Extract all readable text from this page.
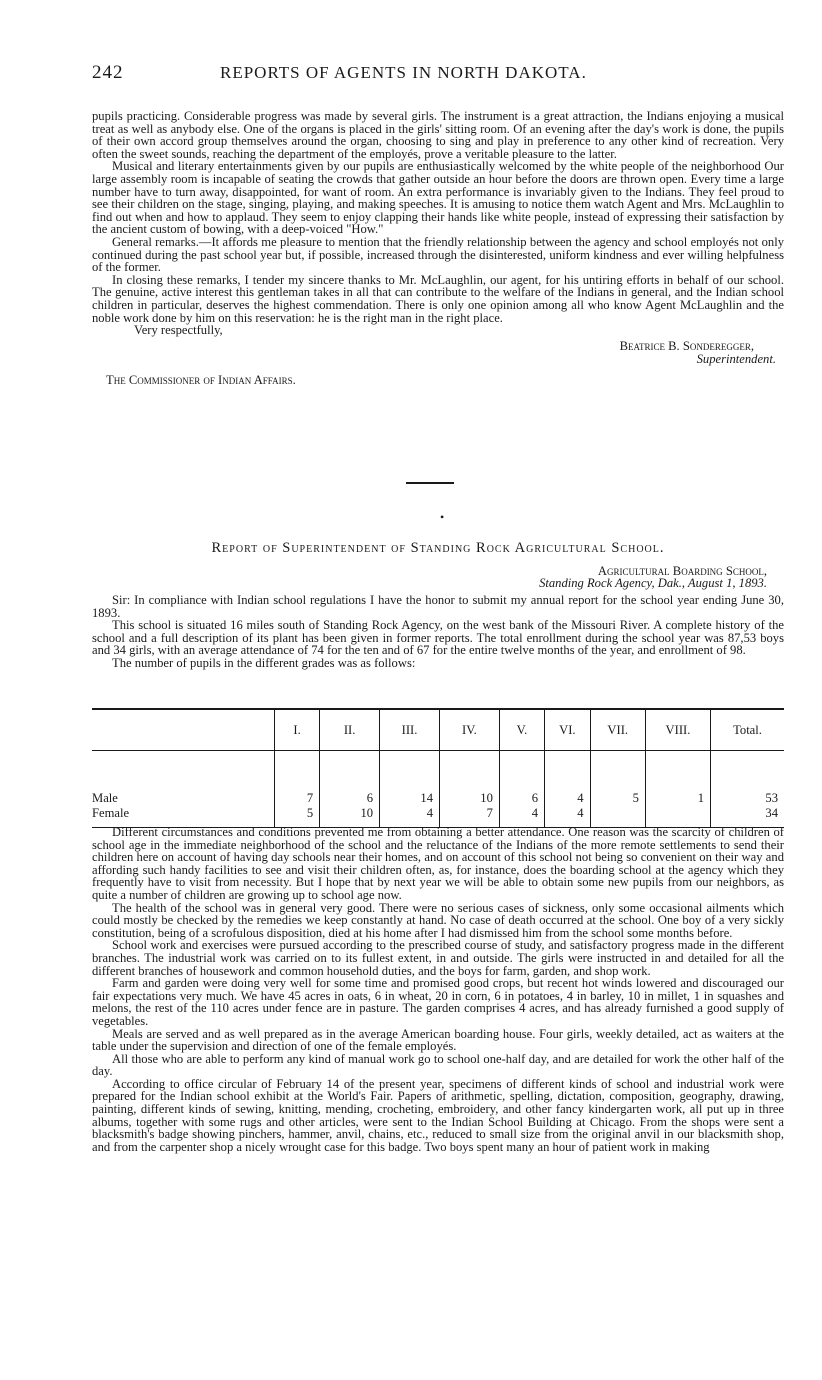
242	REPORTS OF AGENTS IN NORTH DAKOTA.

pupils practicing. Considerable progress was made by several girls. The instrument is a great attraction, the Indians enjoying a musical treat as well as anybody else. One of the organs is placed in the girls' sitting room. Of an evening after the day's work is done, the pupils of their own accord group themselves around the organ, choosing to sing and play in preference to any other kind of recreation. Very often the sweet sounds, reaching the department of the employés, prove a veritable pleasure to the latter.

Musical and literary entertainments given by our pupils are enthusiastically welcomed by the white people of the neighborhood Our large assembly room is incapable of seating the crowds that gather outside an hour before the doors are thrown open. Every time a large number have to turn away, disappointed, for want of room. An extra performance is invariably given to the Indians. They feel proud to see their children on the stage, singing, playing, and making speeches. It is amusing to notice them watch Agent and Mrs. McLaughlin to find out when and how to applaud. They seem to enjoy clapping their hands like white people, instead of expressing their satisfaction by the ancient custom of bowing, with a deep-voiced "How."

General remarks.—It affords me pleasure to mention that the friendly relationship between the agency and school employés not only continued during the past school year but, if possible, increased through the disinterested, uniform kindness and ever willing helpfulness of the former.

In closing these remarks, I tender my sincere thanks to Mr. McLaughlin, our agent, for his untiring efforts in behalf of our school. The genuine, active interest this gentleman takes in all that can contribute to the welfare of the Indians in general, and the Indian school children in particular, deserves the highest commendation. There is only one opinion among all who know Agent McLaughlin and the noble work done by him on this reservation: he is the right man in the right place.

Very respectfully,
Beatrice B. Sonderegger,
Superintendent.
The Commissioner of Indian Affairs.
•
Report of Superintendent of Standing Rock Agricultural School.
Agricultural Boarding School,
Standing Rock Agency, Dak., August 1, 1893.

Sir: In compliance with Indian school regulations I have the honor to submit my annual report for the school year ending June 30, 1893.

This school is situated 16 miles south of Standing Rock Agency, on the west bank of the Missouri River. A complete history of the school and a full description of its plant has been given in former reports. The total enrollment during the school year was 87,53 boys and 34 girls, with an average attendance of 74 for the ten and of 67 for the entire twelve months of the year, and enrollment of 98.

The number of pupils in the different grades was as follows:

	I.	II.	III.	IV.	V.	VI.	VII.	VIII.	Total.

Male	7	6	14	10	6	4	5	1	53
Female	5	10	4	7	4	4			34

Different circumstances and conditions prevented me from obtaining a better attendance. One reason was the scarcity of children of school age in the immediate neighborhood of the school and the reluctance of the Indians of the more remote settlements to send their children here on account of having day schools near their homes, and on account of this school not being so convenient on their way and affording such handy facilities to see and visit their children often, as, for instance, does the boarding school at the agency which they frequently have to visit from necessity. But I hope that by next year we will be able to obtain some new pupils from our neighbors, as quite a number of children are growing up to school age now.

The health of the school was in general very good. There were no serious cases of sickness, only some occasional ailments which could mostly be checked by the remedies we keep constantly at hand. No case of death occurred at the school. One boy of a very sickly constitution, being of a scrofulous disposition, died at his home after I had dismissed him from the school some months before.

School work and exercises were pursued according to the prescribed course of study, and satisfactory progress made in the different branches. The industrial work was carried on to its fullest extent, in and outside. The girls were instructed in and detailed for all the different branches of housework and common household duties, and the boys for farm, garden, and shop work.

Farm and garden were doing very well for some time and promised good crops, but recent hot winds lowered and discouraged our fair expectations very much. We have 45 acres in oats, 6 in wheat, 20 in corn, 6 in potatoes, 4 in barley, 10 in millet, 1 in squashes and melons, the rest of the 110 acres under fence are in pasture. The garden comprises 4 acres, and has already furnished a good supply of vegetables.

Meals are served and as well prepared as in the average American boarding house. Four girls, weekly detailed, act as waiters at the table under the supervision and direction of one of the female employés.

All those who are able to perform any kind of manual work go to school one-half day, and are detailed for work the other half of the day.

According to office circular of February 14 of the present year, specimens of different kinds of school and industrial work were prepared for the Indian school exhibit at the World's Fair. Papers of arithmetic, spelling, dictation, composition, geography, drawing, painting, different kinds of sewing, knitting, mending, crocheting, embroidery, and other fancy kindergarten work, all put up in three albums, together with some rugs and other articles, were sent to the Indian School Building at Chicago. From the shops were sent a blacksmith's badge showing pinchers, hammer, anvil, chains, etc., reduced to small size from the original anvil in our blacksmith shop, and from the carpenter shop a nicely wrought case for this badge. Two boys spent many an hour of patient work in making
